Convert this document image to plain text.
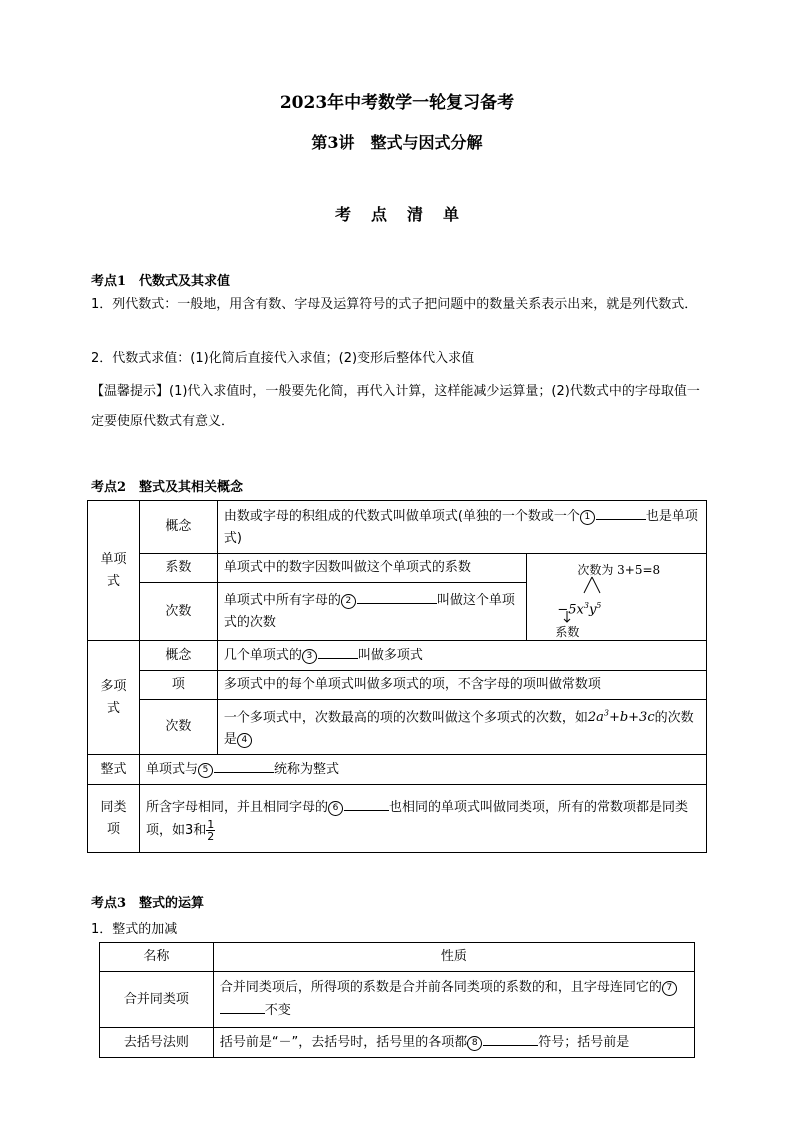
2023年中考数学一轮复习备考
第3讲　整式与因式分解
考点清单
考点1　代数式及其求值
1．列代数式：一般地，用含有数、字母及运算符号的式子把问题中的数量关系表示出来，就是列代数式．
2．代数式求值：(1)化简后直接代入求值；(2)变形后整体代入求值
【温馨提示】(1)代入求值时，一般要先化简，再代入计算，这样能减少运算量；(2)代数式中的字母取值一定要使原代数式有意义．
考点2　整式及其相关概念
单项式	概念	由数或字母的积组成的代数式叫做单项式(单独的一个数或一个 1 也是单项式)	
	系数	单项式中的数字因数叫做这个单项式的系数	次数为 3+5=8
$-5x^3y^5$
系数

	次数	单项式中所有字母的 2 叫做这个单项式的次数	
多项式	概念	几个单项式的 3 叫做多项式	
	项	多项式中的每个单项式叫做多项式的项，不含字母的项叫做常数项	
	次数	一个多项式中，次数最高的项的次数叫做这个多项式的次数，如$2a^3+b+3c$的次数是 4	
整式	单项式与 5 统称为整式		
同类项	所含字母相同，并且相同字母的 6 也相同的单项式叫做同类项，所有的常数项都是同类项，如3和 $\frac{1}{2}$
考点3　整式的运算
1．整式的加减
名称	性质
合并同类项	合并同类项后，所得项的系数是合并前各同类项的系数的和，且字母连同它的 7不变
去括号法则	括号前是“－”，去括号时，括号里的各项都 8 符号；括号前是
